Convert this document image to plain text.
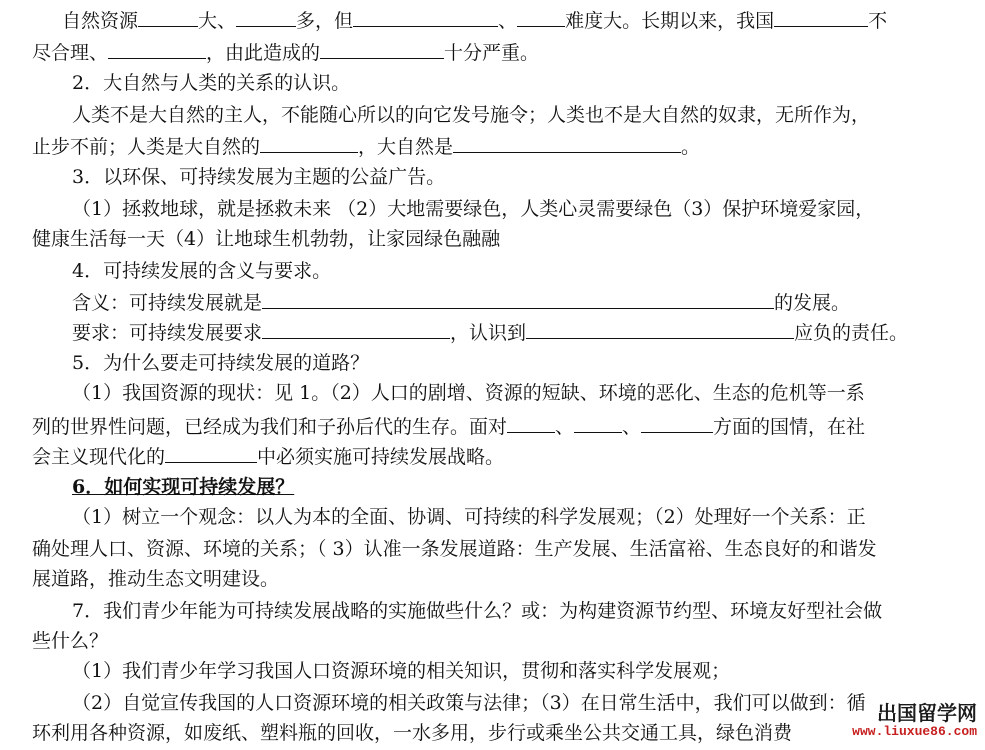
自然资源	大、	多，但	、	难度大。长期以来，我国	不
尽合理、	，由此造成的	十分严重。
2．大自然与人类的关系的认识。
人类不是大自然的主人，不能随心所以的向它发号施令；人类也不是大自然的奴隶，无所作为，
止步不前；人类是大自然的	，大自然是	。
3．以环保、可持续发展为主题的公益广告。
（1）拯救地球，就是拯救未来 （2）大地需要绿色，人类心灵需要绿色（3）保护环境爱家园，
健康生活每一天（4）让地球生机勃勃，让家园绿色融融
4．可持续发展的含义与要求。
含义：可持续发展就是	的发展。
要求：可持续发展要求	，认识到	应负的责任。
5．为什么要走可持续发展的道路？
（1）我国资源的现状：见 1。（2）人口的剧增、资源的短缺、环境的恶化、生态的危机等一系
列的世界性问题，已经成为我们和子孙后代的生存。面对	、	、	方面的国情，在社
会主义现代化的	中必须实施可持续发展战略。
6．如何实现可持续发展？
（1）树立一个观念：以人为本的全面、协调、可持续的科学发展观；（2）处理好一个关系：正
确处理人口、资源、环境的关系；（ 3）认准一条发展道路：生产发展、生活富裕、生态良好的和谐发
展道路，推动生态文明建设。
7．我们青少年能为可持续发展战略的实施做些什么？或：为构建资源节约型、环境友好型社会做
些什么？
（1）我们青少年学习我国人口资源环境的相关知识，贯彻和落实科学发展观；
（2）自觉宣传我国的人口资源环境的相关政策与法律；（3）在日常生活中，我们可以做到：循
环利用各种资源，如废纸、塑料瓶的回收，一水多用，步行或乘坐公共交通工具，绿色消费
出国留学网
www.liuxue86.com
